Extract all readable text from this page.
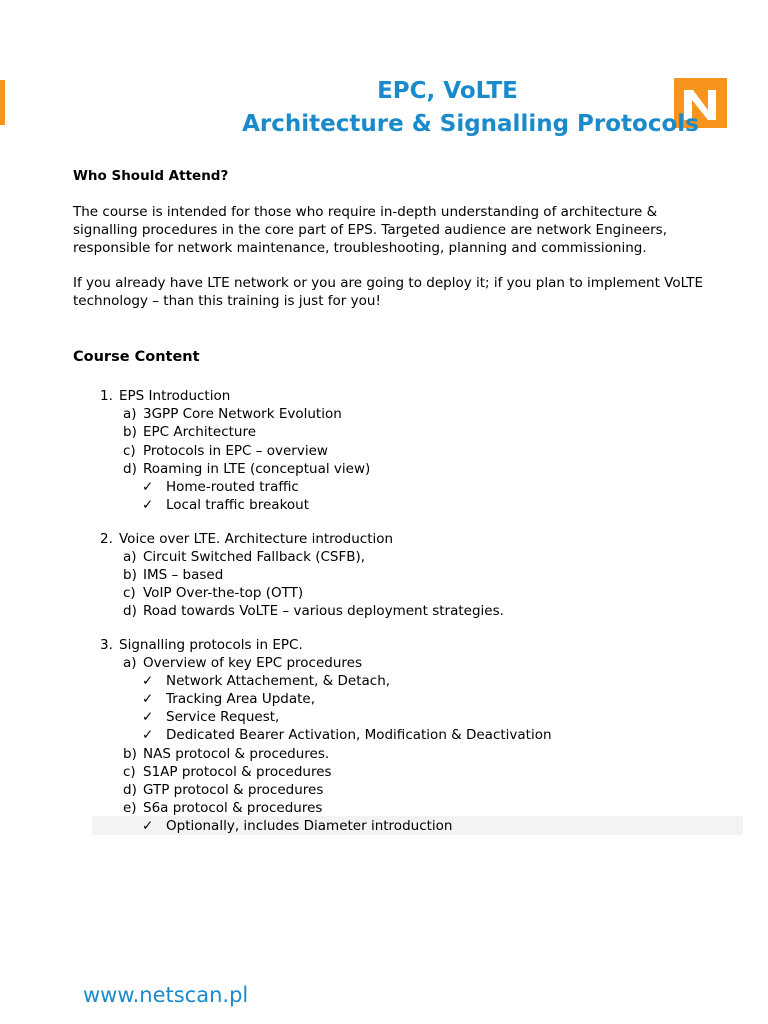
EPC, VoLTE
Architecture & Signalling Protocols
Who Should Attend?
The course is intended for those who require in-depth understanding of architecture & signalling procedures in the core part of EPS. Targeted audience are network Engineers, responsible for network maintenance, troubleshooting, planning and commissioning.
If you already have LTE network or you are going to deploy it; if you plan to implement VoLTE technology – than this training is just for you!
Course Content
1. EPS Introduction
a) 3GPP Core Network Evolution
b) EPC Architecture
c) Protocols in EPC – overview
d) Roaming in LTE (conceptual view)
✓ Home-routed traffic
✓ Local traffic breakout
2. Voice over LTE. Architecture introduction
a) Circuit Switched Fallback (CSFB),
b) IMS – based
c) VoIP Over-the-top (OTT)
d) Road towards VoLTE – various deployment strategies.
3. Signalling protocols in EPC.
a) Overview of key EPC procedures
✓ Network Attachement, & Detach,
✓ Tracking Area Update,
✓ Service Request,
✓ Dedicated Bearer Activation, Modification & Deactivation
b) NAS protocol & procedures.
c) S1AP protocol & procedures
d) GTP protocol & procedures
e) S6a protocol & procedures
✓ Optionally, includes Diameter introduction
www.netscan.pl
